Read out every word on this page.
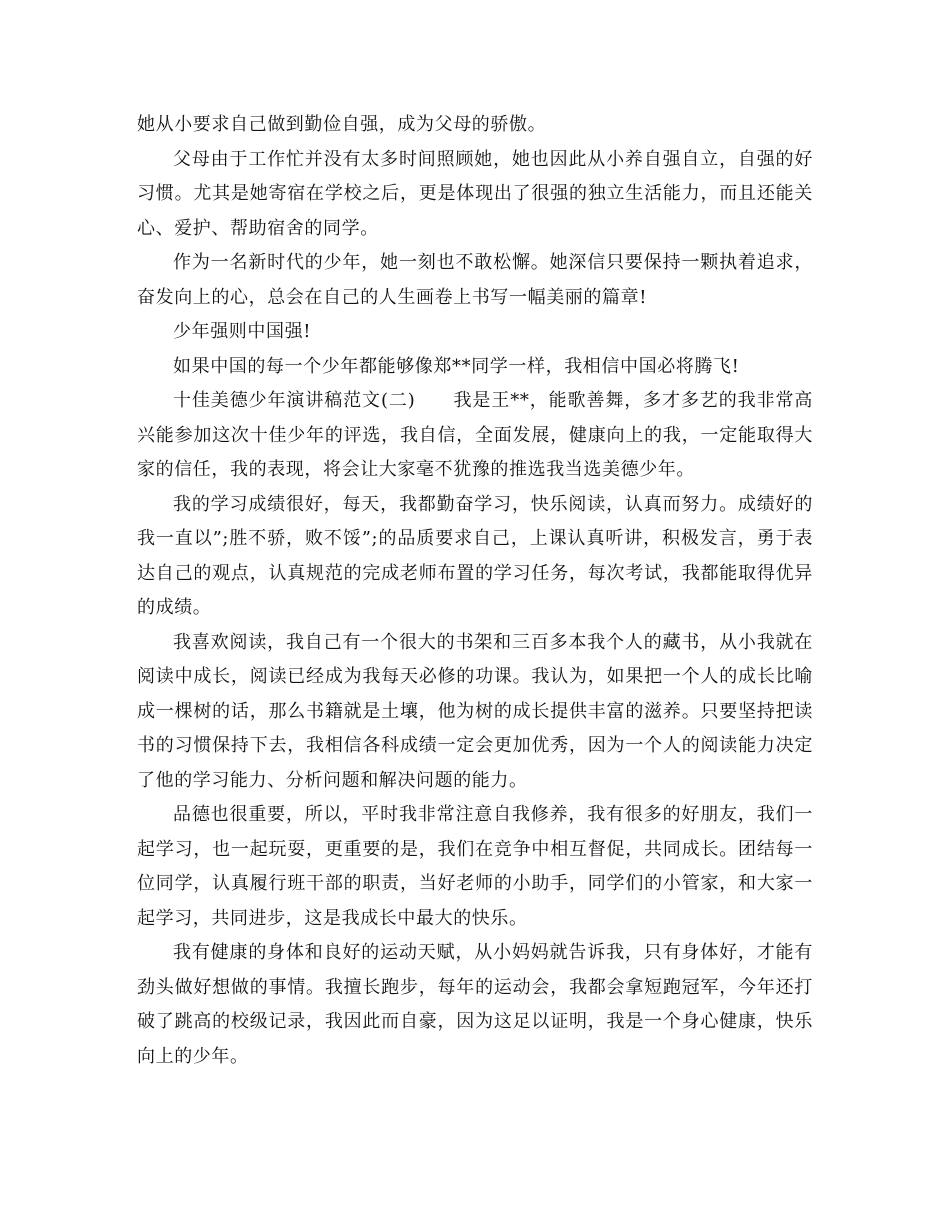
她从小要求自己做到勤俭自强，成为父母的骄傲。

父母由于工作忙并没有太多时间照顾她，她也因此从小养自强自立，自强的好习惯。尤其是她寄宿在学校之后，更是体现出了很强的独立生活能力，而且还能关心、爱护、帮助宿舍的同学。

作为一名新时代的少年，她一刻也不敢松懈。她深信只要保持一颗执着追求，奋发向上的心，总会在自己的人生画卷上书写一幅美丽的篇章!

少年强则中国强!

如果中国的每一个少年都能够像郑**同学一样，我相信中国必将腾飞!

十佳美德少年演讲稿范文(二)　　我是王**，能歌善舞，多才多艺的我非常高兴能参加这次十佳少年的评选，我自信，全面发展，健康向上的我，一定能取得大家的信任，我的表现，将会让大家毫不犹豫的推选我当选美德少年。

我的学习成绩很好，每天，我都勤奋学习，快乐阅读，认真而努力。成绩好的我一直以”;胜不骄，败不馁”;的品质要求自己，上课认真听讲，积极发言，勇于表达自己的观点，认真规范的完成老师布置的学习任务，每次考试，我都能取得优异的成绩。

我喜欢阅读，我自己有一个很大的书架和三百多本我个人的藏书，从小我就在阅读中成长，阅读已经成为我每天必修的功课。我认为，如果把一个人的成长比喻成一棵树的话，那么书籍就是土壤，他为树的成长提供丰富的滋养。只要坚持把读书的习惯保持下去，我相信各科成绩一定会更加优秀，因为一个人的阅读能力决定了他的学习能力、分析问题和解决问题的能力。

品德也很重要，所以，平时我非常注意自我修养，我有很多的好朋友，我们一起学习，也一起玩耍，更重要的是，我们在竞争中相互督促，共同成长。团结每一位同学，认真履行班干部的职责，当好老师的小助手，同学们的小管家，和大家一起学习，共同进步，这是我成长中最大的快乐。

我有健康的身体和良好的运动天赋，从小妈妈就告诉我，只有身体好，才能有劲头做好想做的事情。我擅长跑步，每年的运动会，我都会拿短跑冠军，今年还打破了跳高的校级记录，我因此而自豪，因为这足以证明，我是一个身心健康，快乐向上的少年。
